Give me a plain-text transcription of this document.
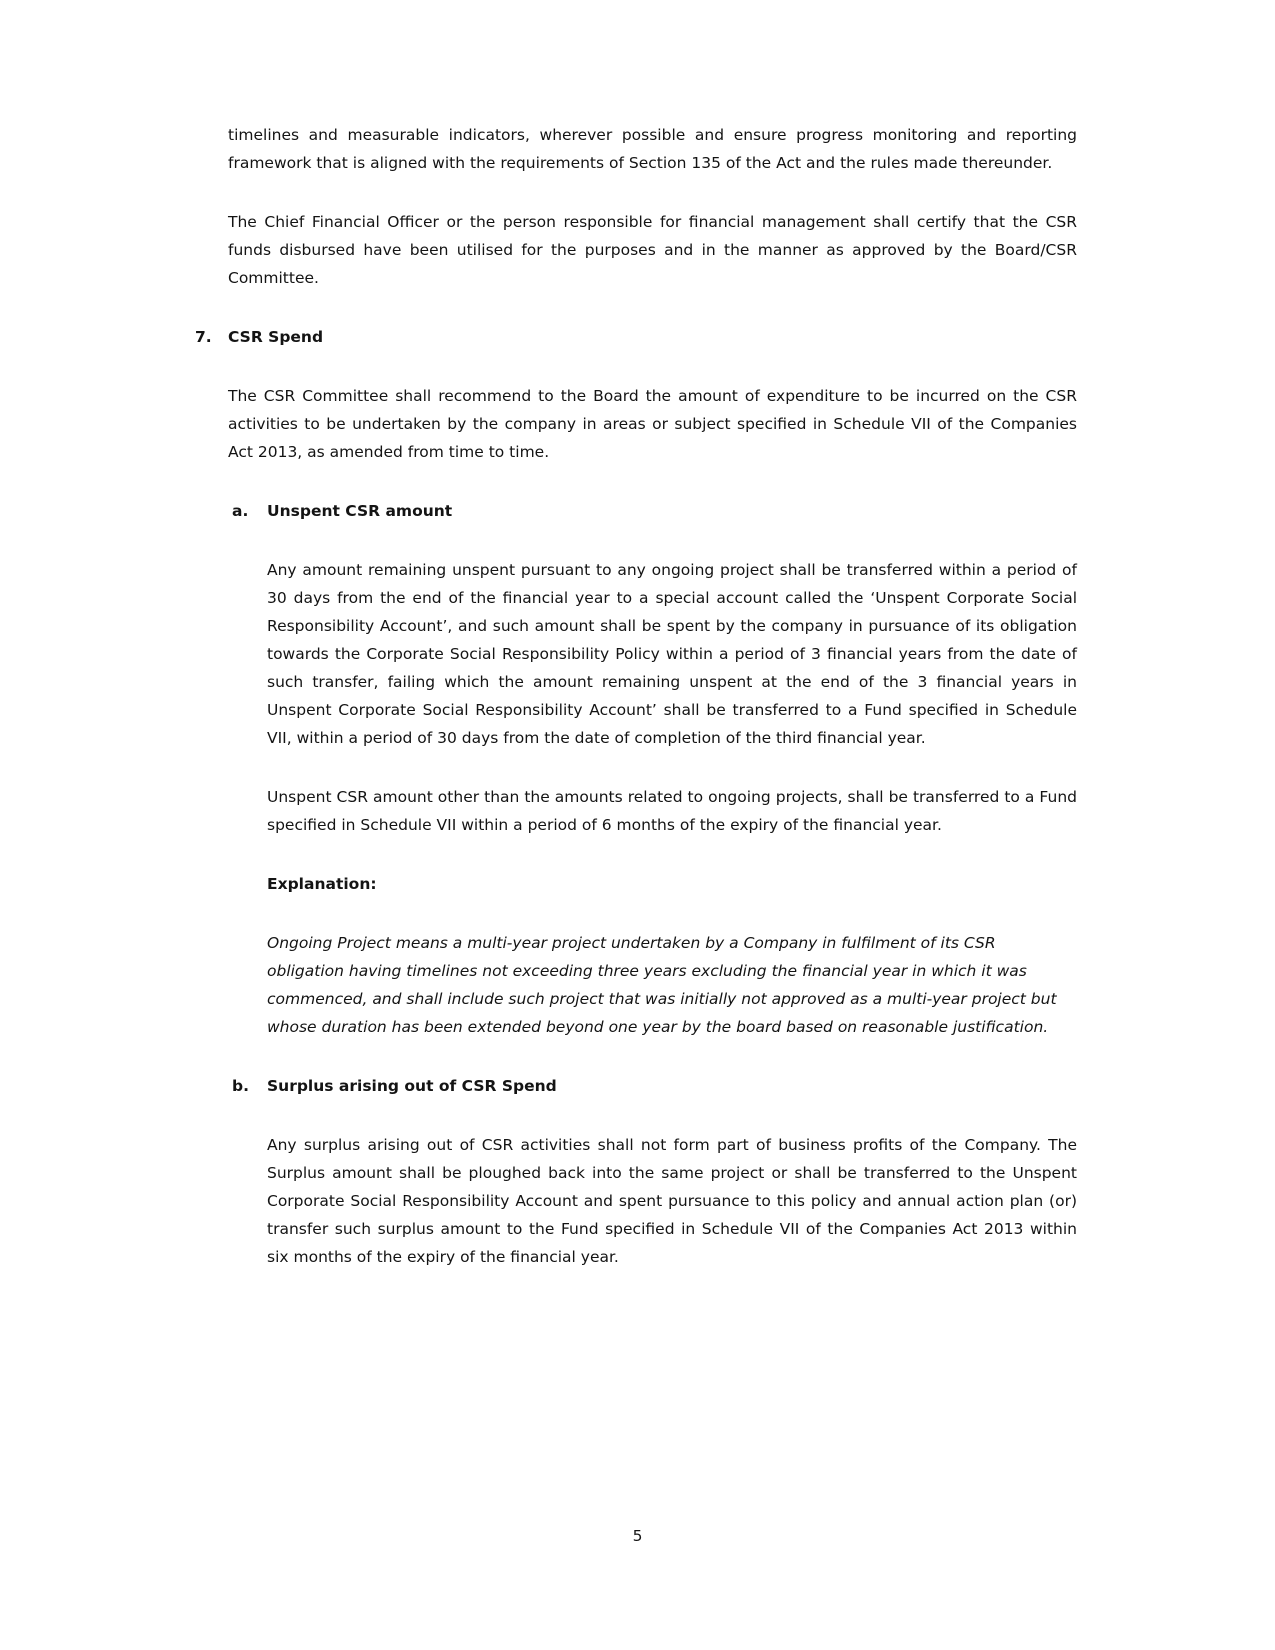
timelines and measurable indicators, wherever possible and ensure progress monitoring and reporting framework that is aligned with the requirements of Section 135 of the Act and the rules made thereunder.

The Chief Financial Officer or the person responsible for financial management shall certify that the CSR funds disbursed have been utilised for the purposes and in the manner as approved by the Board/CSR Committee.

7. CSR Spend

The CSR Committee shall recommend to the Board the amount of expenditure to be incurred on the CSR activities to be undertaken by the company in areas or subject specified in Schedule VII of the Companies Act 2013, as amended from time to time.

a. Unspent CSR amount

Any amount remaining unspent pursuant to any ongoing project shall be transferred within a period of 30 days from the end of the financial year to a special account called the ‘Unspent Corporate Social Responsibility Account’, and such amount shall be spent by the company in pursuance of its obligation towards the Corporate Social Responsibility Policy within a period of 3 financial years from the date of such transfer, failing which the amount remaining unspent at the end of the 3 financial years in Unspent Corporate Social Responsibility Account’ shall be transferred to a Fund specified in Schedule VII, within a period of 30 days from the date of completion of the third financial year.

Unspent CSR amount other than the amounts related to ongoing projects, shall be transferred to a Fund specified in Schedule VII within a period of 6 months of the expiry of the financial year.

Explanation:

Ongoing Project means a multi-year project undertaken by a Company in fulfilment of its CSR obligation having timelines not exceeding three years excluding the financial year in which it was commenced, and shall include such project that was initially not approved as a multi-year project but whose duration has been extended beyond one year by the board based on reasonable justification.

b. Surplus arising out of CSR Spend

Any surplus arising out of CSR activities shall not form part of business profits of the Company. The Surplus amount shall be ploughed back into the same project or shall be transferred to the Unspent Corporate Social Responsibility Account and spent pursuance to this policy and annual action plan (or) transfer such surplus amount to the Fund specified in Schedule VII of the Companies Act 2013 within six months of the expiry of the financial year.

5
